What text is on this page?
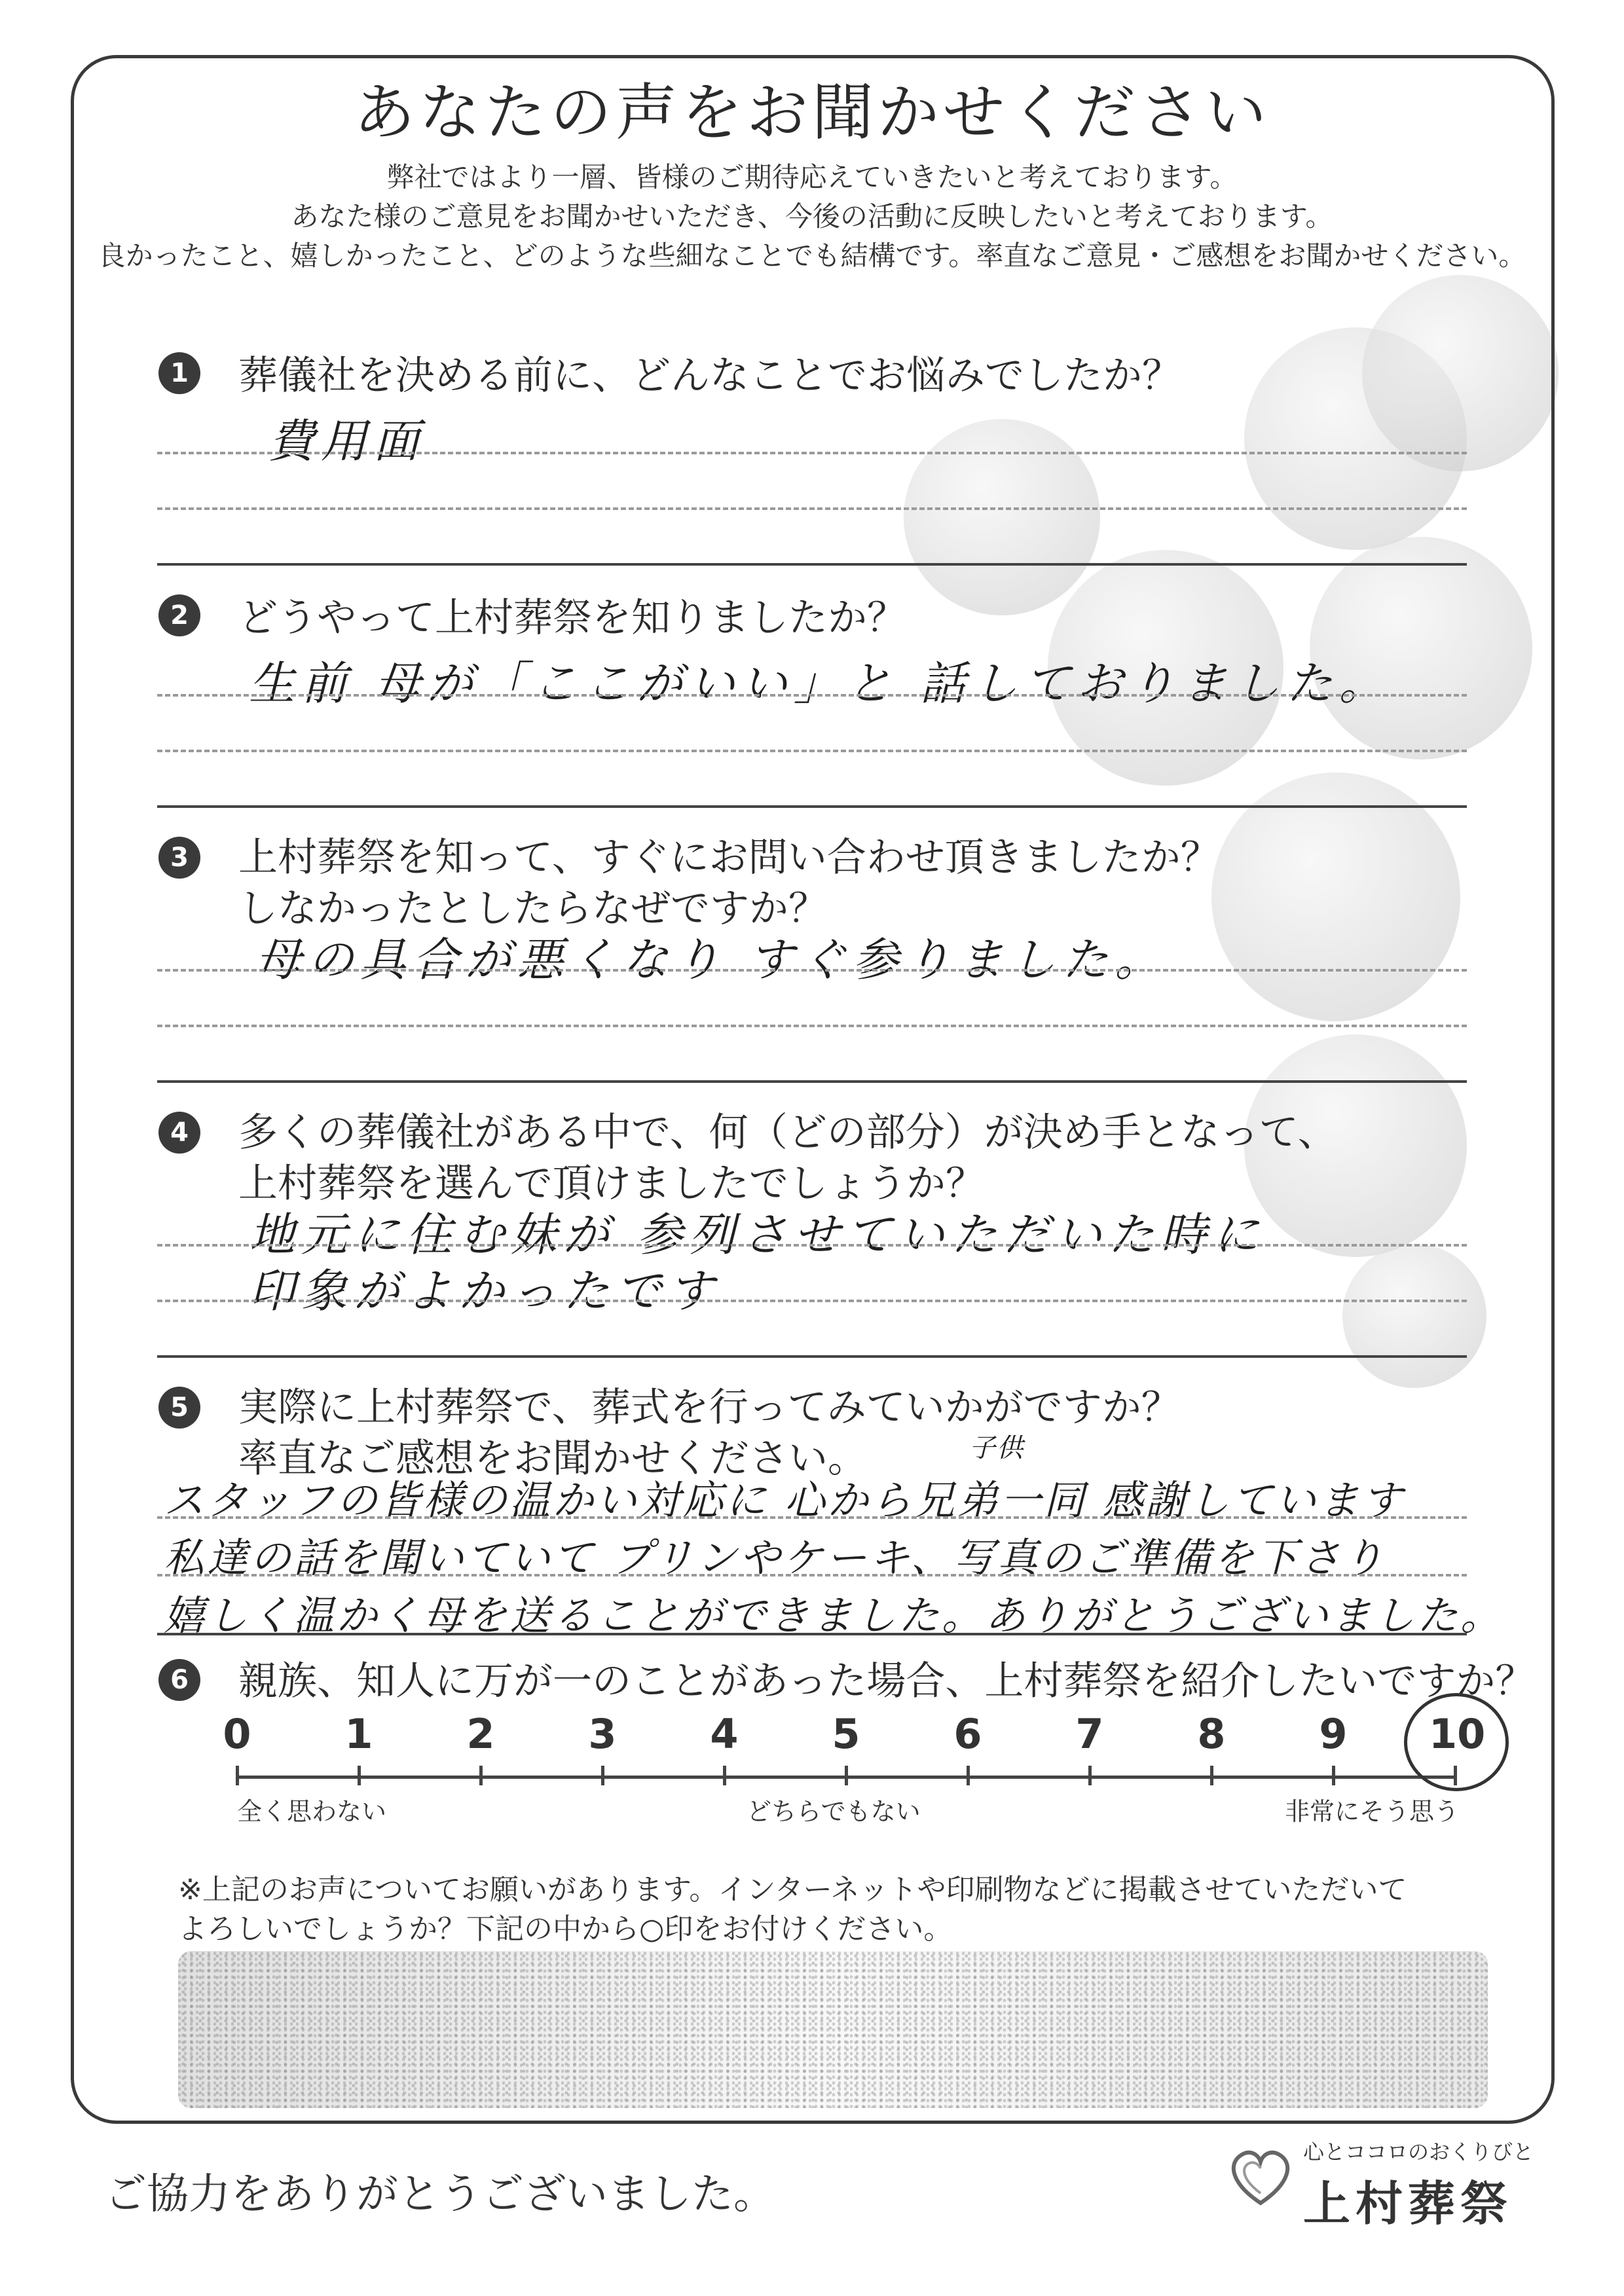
あなたの声をお聞かせください
弊社ではより一層、皆様のご期待応えていきたいと考えております。
あなた様のご意見をお聞かせいただき、今後の活動に反映したいと考えております。
良かったこと、嬉しかったこと、どのような些細なことでも結構です。率直なご意見・ご感想をお聞かせください。
1	葬儀社を決める前に、どんなことでお悩みでしたか？
費用面
2	どうやって上村葬祭を知りましたか？
生前 母が「ここがいい」と 話しておりました。
3	上村葬祭を知って、すぐにお問い合わせ頂きましたか？
しなかったとしたらなぜですか？
母の具合が悪くなり すぐ参りました。
4	多くの葬儀社がある中で、何（どの部分）が決め手となって、
上村葬祭を選んで頂けましたでしょうか？
地元に住む妹が 参列させていただいた時に
印象がよかったです
5	実際に上村葬祭で、葬式を行ってみていかがですか？
率直なご感想をお聞かせください。	子供
スタッフの皆様の温かい対応に 心から兄弟一同 感謝しています
私達の話を聞いていて プリンやケーキ、写真のご準備を下さり
嬉しく温かく母を送ることができました。ありがとうございました。
6	親族、知人に万が一のことがあった場合、上村葬祭を紹介したいですか？
0 1 2 3 4 5 6 7 8 9 10
全く思わない	どちらでもない	非常にそう思う
※上記のお声についてお願いがあります。インターネットや印刷物などに掲載させていただいて
よろしいでしょうか？下記の中から○印をお付けください。
ご協力をありがとうございました。
心とココロのおくりびと
上村葬祭
